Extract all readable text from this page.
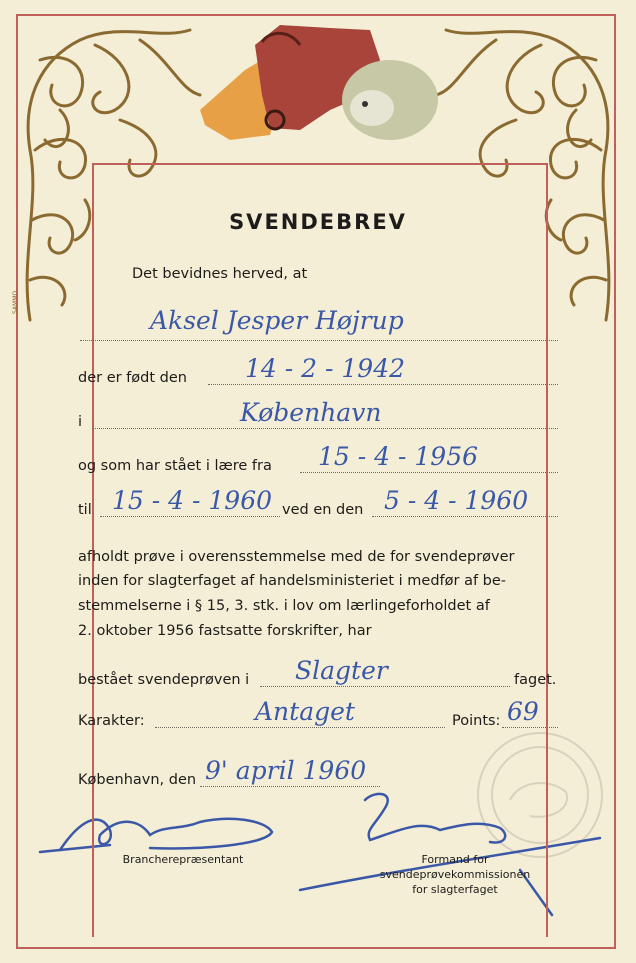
SAMMO
SVENDEBREV
Det bevidnes herved, at
Aksel Jesper Højrup
der er født den 14 - 2 - 1942
i	København
og som har stået i lære fra 15 - 4 - 1956
til 15 - 4 - 1960 ved en den 5 - 4 - 1960
afholdt prøve i overensstemmelse med de for svendeprøver
inden for slagterfaget af handelsministeriet i medfør af be-
stemmelserne i § 15, 3. stk. i lov om lærlingeforholdet af
2. oktober 1956 fastsatte forskrifter, har
bestået svendeprøven i Slagter	faget.
Karakter:	Antaget	Points: 69
København, den 9' april 1960
Brancherepræsentant	Formand for
svendeprøvekommissionen
for slagterfaget
